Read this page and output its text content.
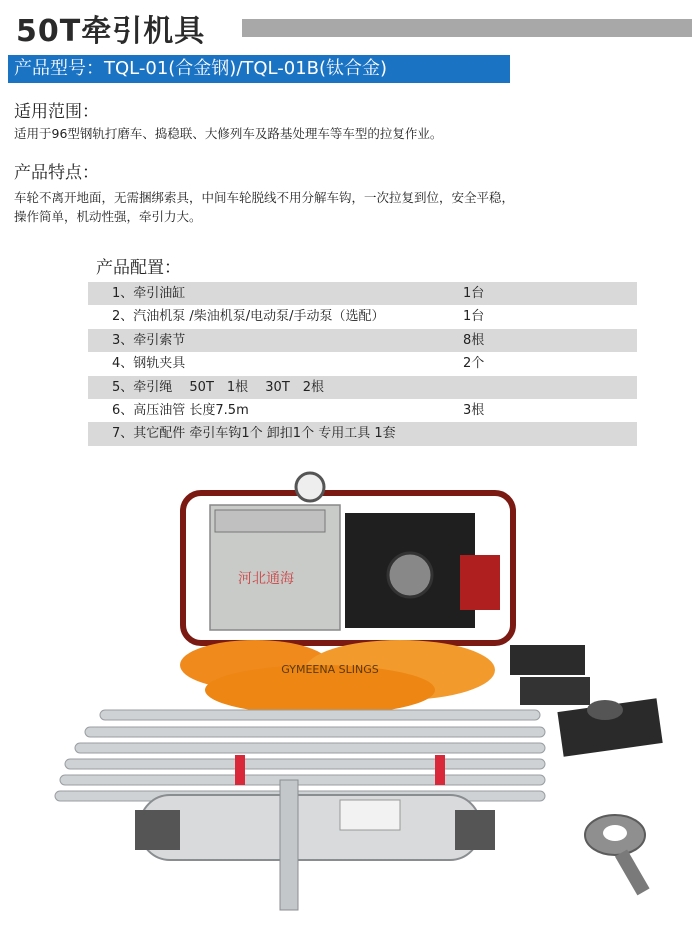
50T牵引机具
产品型号：TQL-01(合金钢)/TQL-01B(钛合金)
适用范围：
适用于96型钢轨打磨车、捣稳联、大修列车及路基处理车等车型的拉复作业。
产品特点：
车轮不离开地面，无需捆绑索具，中间车轮脱线不用分解车钩，一次拉复到位，安全平稳，
操作简单，机动性强，牵引力大。
产品配置：
1、牵引油缸	1台
2、汽油机泵 /柴油机泵/电动泵/手动泵（选配）	1台
3、牵引索节	8根
4、钢轨夹具	2个
5、牵引绳　 50T　1根　 30T　2根
6、高压油管 长度7.5m	3根
7、其它配件 牵引车钩1个 卸扣1个 专用工具 1套
河北通海
GYMEENA SLINGS
